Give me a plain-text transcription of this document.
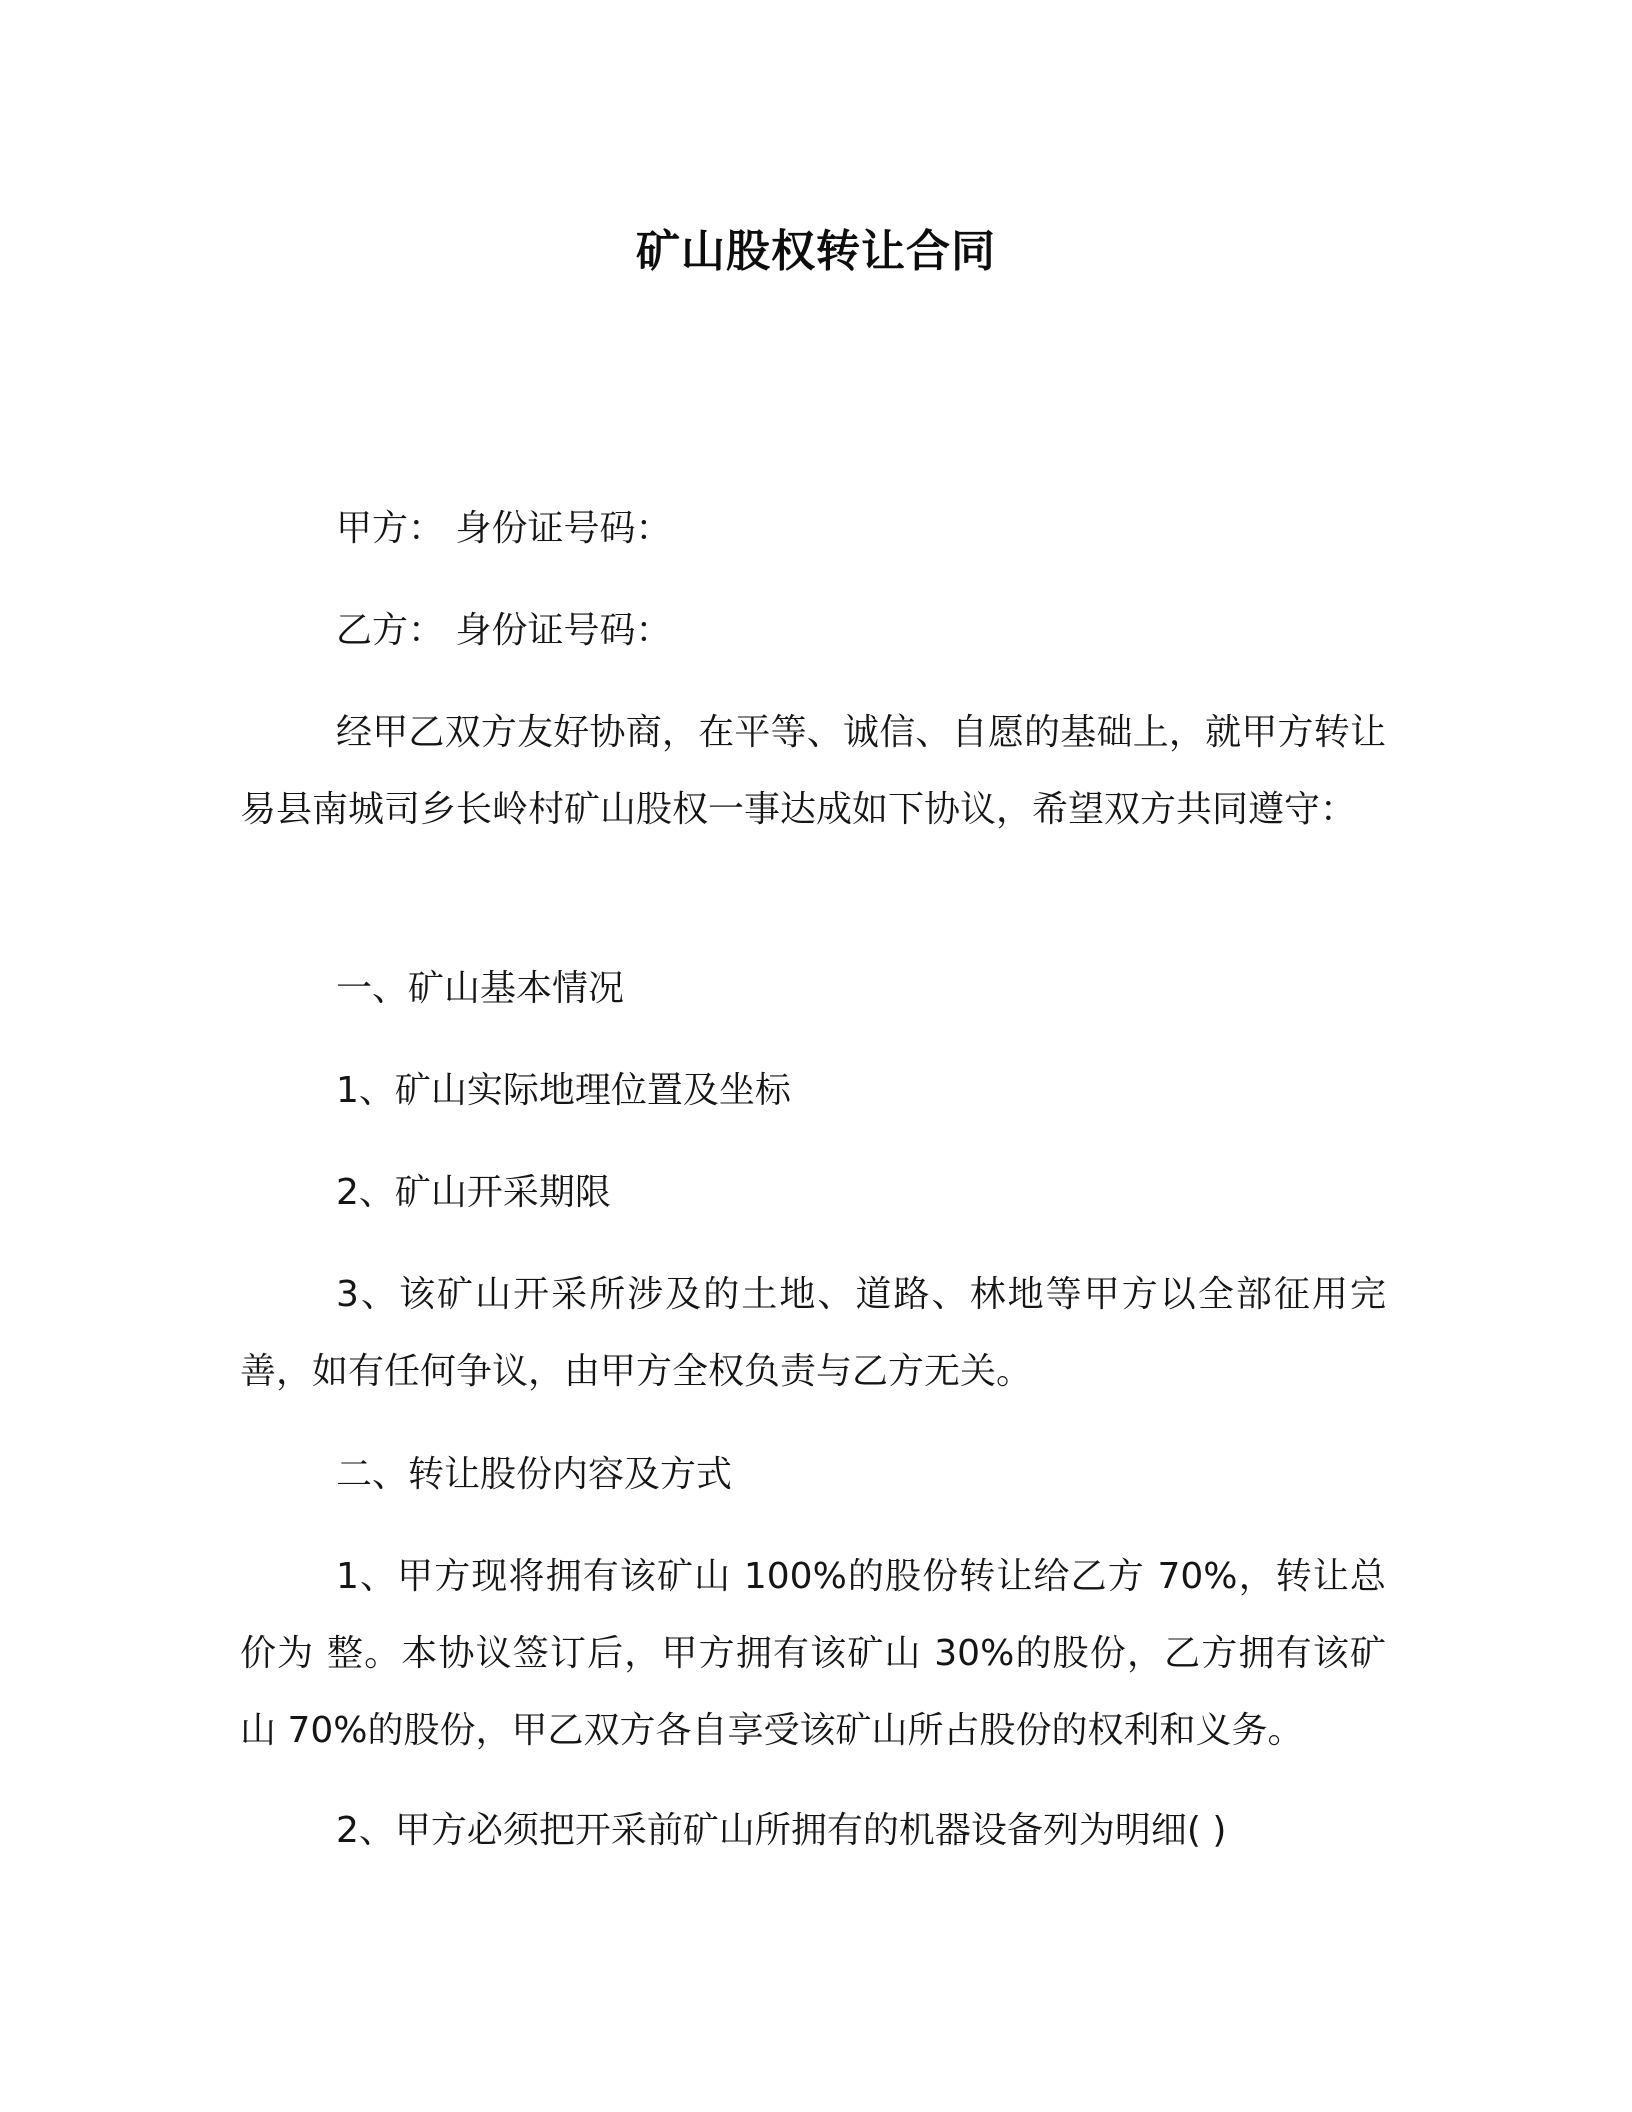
矿山股权转让合同

甲方： 身份证号码：

乙方： 身份证号码：

经甲乙双方友好协商，在平等、诚信、自愿的基础上，就甲方转让易县南城司乡长岭村矿山股权一事达成如下协议，希望双方共同遵守：

一、矿山基本情况

1、矿山实际地理位置及坐标

2、矿山开采期限

3、该矿山开采所涉及的土地、道路、林地等甲方以全部征用完善，如有任何争议，由甲方全权负责与乙方无关。

二、转让股份内容及方式

1、甲方现将拥有该矿山 100%的股份转让给乙方 70%，转让总价为 整。本协议签订后，甲方拥有该矿山 30%的股份，乙方拥有该矿山 70%的股份，甲乙双方各自享受该矿山所占股份的权利和义务。

2、甲方必须把开采前矿山所拥有的机器设备列为明细( )
